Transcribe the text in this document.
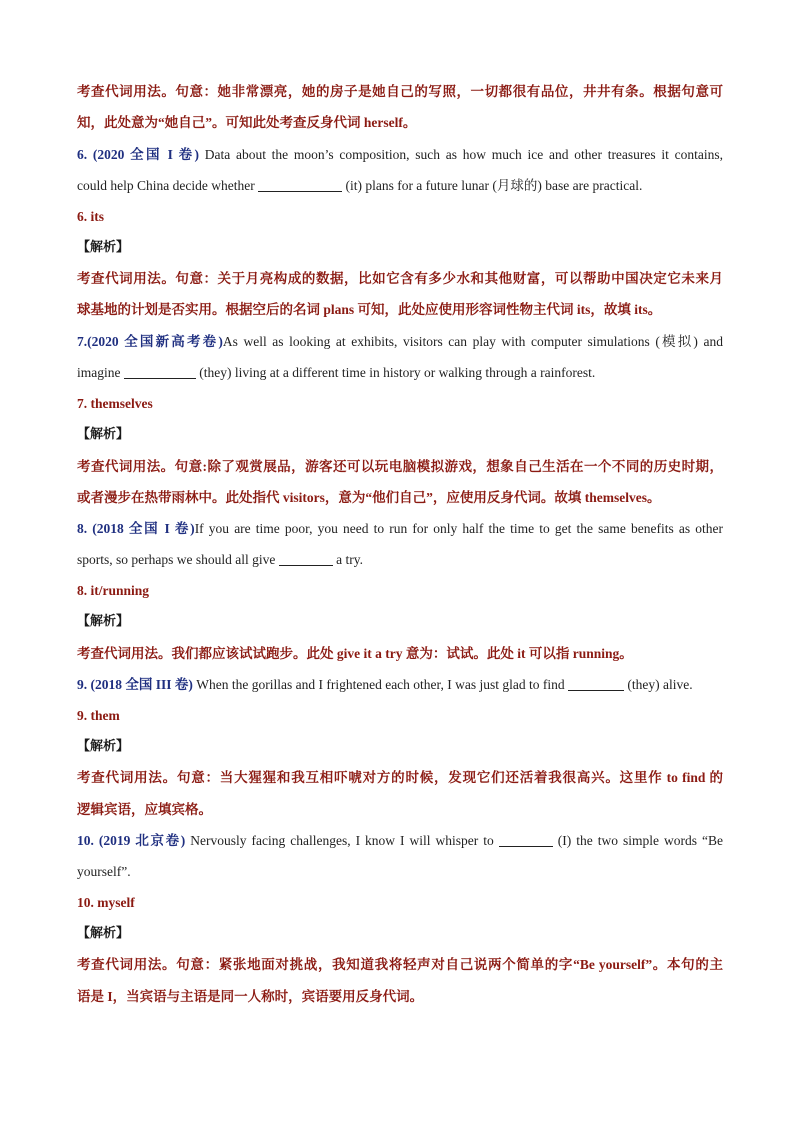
考查代词用法。句意：她非常漂亮，她的房子是她自己的写照，一切都很有品位，井井有条。根据句意可
知，此处意为“她自己”。可知此处考查反身代词 herself。
6. (2020 全国 I 卷) Data about the moon’s composition, such as how much ice and other treasures it contains,
could help China decide whether	(it) plans for a future lunar (月球的) base are practical.
6. its
【解析】
考查代词用法。句意：关于月亮构成的数据，比如它含有多少水和其他财富，可以帮助中国决定它未来月
球基地的计划是否实用。根据空后的名词 plans 可知，此处应使用形容词性物主代词 its，故填 its。
7.(2020 全国新高考卷)As well as looking at exhibits, visitors can play with computer simulations (模拟) and
imagine	(they) living at a different time in history or walking through a rainforest.
7. themselves
【解析】
考查代词用法。句意:除了观赏展品，游客还可以玩电脑模拟游戏，想象自己生活在一个不同的历史时期，
或者漫步在热带雨林中。此处指代 visitors，意为“他们自己”，应使用反身代词。故填 themselves。
8. (2018 全国 I 卷)If you are time poor, you need to run for only half the time to get the same benefits as other
sports, so perhaps we should all give	a try.
8. it/running
【解析】
考查代词用法。我们都应该试试跑步。此处 give it a try 意为：试试。此处 it 可以指 running。
9. (2018 全国 III 卷) When the gorillas and I frightened each other, I was just glad to find	(they) alive.
9. them
【解析】
考查代词用法。句意：当大猩猩和我互相吓唬对方的时候，发现它们还活着我很高兴。这里作 to find 的
逻辑宾语，应填宾格。
10. (2019 北京卷) Nervously facing challenges, I know I will whisper to	(I) the two simple words “Be
yourself”.
10. myself
【解析】
考查代词用法。句意：紧张地面对挑战，我知道我将轻声对自己说两个简单的字“Be yourself”。本句的主
语是 I，当宾语与主语是同一人称时，宾语要用反身代词。
